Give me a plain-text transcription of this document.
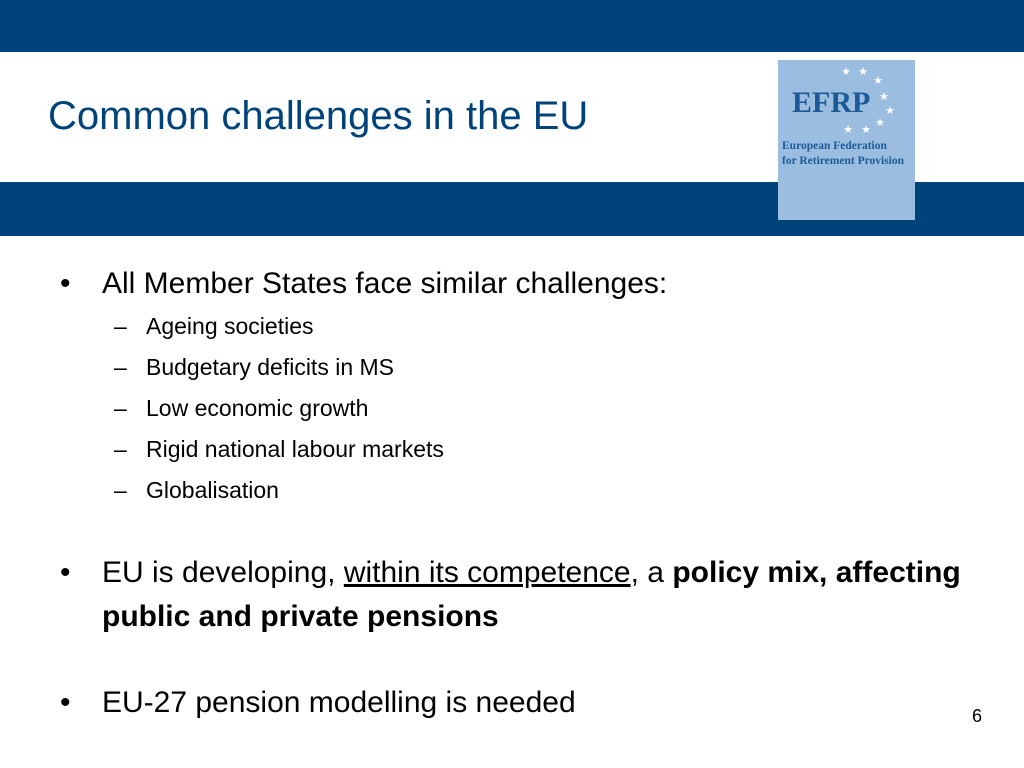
Common challenges in the EU
★ ★
★
★
★
★
★
★
EFRP
European Federation
for Retirement Provision
•	All Member States face similar challenges:
– Ageing societies
– Budgetary deficits in MS
– Low economic growth
– Rigid national labour markets
– Globalisation
•	EU is developing, within its competence, a policy mix, affecting public and private pensions
•	EU-27 pension modelling is needed	6
